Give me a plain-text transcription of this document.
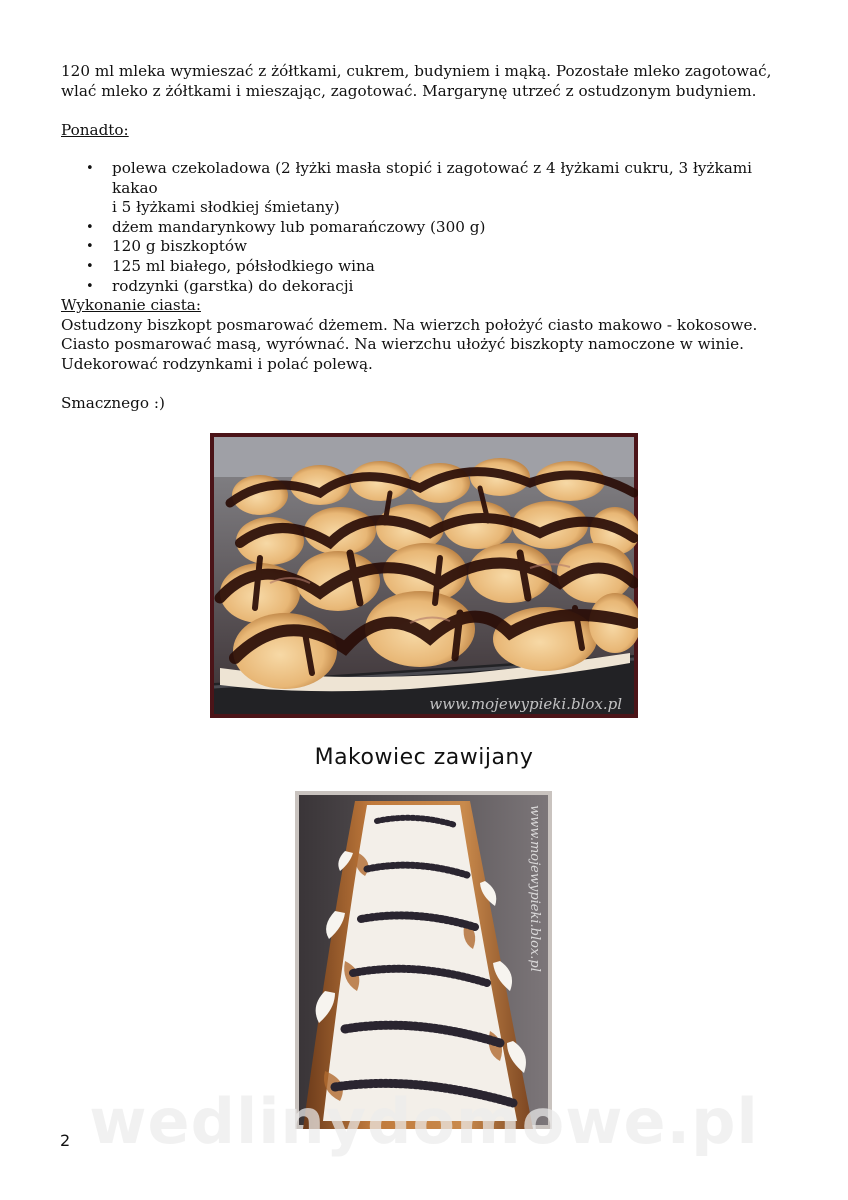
120 ml mleka wymieszać z żółtkami, cukrem, budyniem i mąką. Pozostałe mleko zagotować,
wlać mleko z żółtkami i mieszając, zagotować. Margarynę utrzeć z ostudzonym budyniem.

Ponadto:

• polewa czekoladowa (2 łyżki masła stopić i zagotować z 4 łyżkami cukru, 3 łyżkami kakao
i 5 łyżkami słodkiej śmietany)
• dżem mandarynkowy lub pomarańczowy (300 g)
• 120 g biszkoptów
• 125 ml białego, półsłodkiego wina
• rodzynki (garstka) do dekoracji

Wykonanie ciasta:
Ostudzony biszkopt posmarować dżemem. Na wierzch położyć ciasto makowo - kokosowe.
Ciasto posmarować masą, wyrównać. Na wierzchu ułożyć biszkopty namoczone w winie.
Udekorować rodzynkami i polać polewą.

Smacznego :)

www.mojewypieki.blox.pl
Makowiec zawijany
www.mojewypieki.blox.pl
wedlinydomowe.pl
2
